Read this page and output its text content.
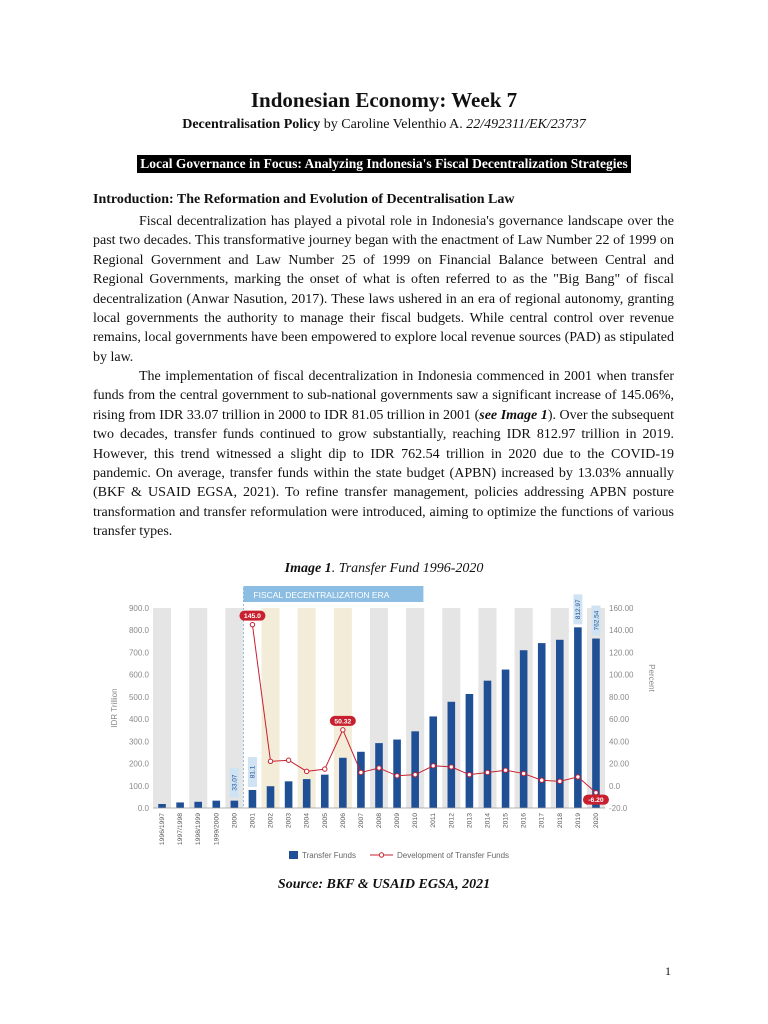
Indonesian Economy: Week 7
Decentralisation Policy by Caroline Velenthio A. 22/492311/EK/23737
Local Governance in Focus: Analyzing Indonesia's Fiscal Decentralization Strategies
Introduction: The Reformation and Evolution of Decentralisation Law

Fiscal decentralization has played a pivotal role in Indonesia's governance landscape over the past two decades. This transformative journey began with the enactment of Law Number 22 of 1999 on Regional Government and Law Number 25 of 1999 on Financial Balance between Central and Regional Governments, marking the onset of what is often referred to as the "Big Bang" of fiscal decentralization (Anwar Nasution, 2017). These laws ushered in an era of regional autonomy, granting local governments the authority to manage their fiscal budgets. While central control over revenue remains, local governments have been empowered to explore local revenue sources (PAD) as stipulated by law.

The implementation of fiscal decentralization in Indonesia commenced in 2001 when transfer funds from the central government to sub-national governments saw a significant increase of 145.06%, rising from IDR 33.07 trillion in 2000 to IDR 81.05 trillion in 2001 (see Image 1). Over the subsequent two decades, transfer funds continued to grow substantially, reaching IDR 812.97 trillion in 2019. However, this trend witnessed a slight dip to IDR 762.54 trillion in 2020 due to the COVID-19 pandemic. On average, transfer funds within the state budget (APBN) increased by 13.03% annually (BKF & USAID EGSA, 2021). To refine transfer management, policies addressing APBN posture transformation and transfer reformulation were introduced, aiming to optimize the functions of various transfer types.

Image 1. Transfer Fund 1996-2020
FISCAL DECENTRALIZATION ERA
33.07
81.1
812.97
762.54
145.0
50.32
-6.20
0.0
100.0
200.0
300.0
400.0
500.0
600.0
700.0
800.0
900.0
-20.0
0.0
20.00
40.00
60.00
80.00
100.00
120.00
140.00
160.00
IDR Trillion
Percent
1996/1997 1997/1998 1998/1999 1999/2000 2000 2001 2002 2003 2004 2005 2006 2007 2008 2009 2010 2011 2012 2013 2014 2015 2016 2017 2018 2019 2020
Transfer Funds	Development of Transfer Funds
Source: BKF & USAID EGSA, 2021
1
